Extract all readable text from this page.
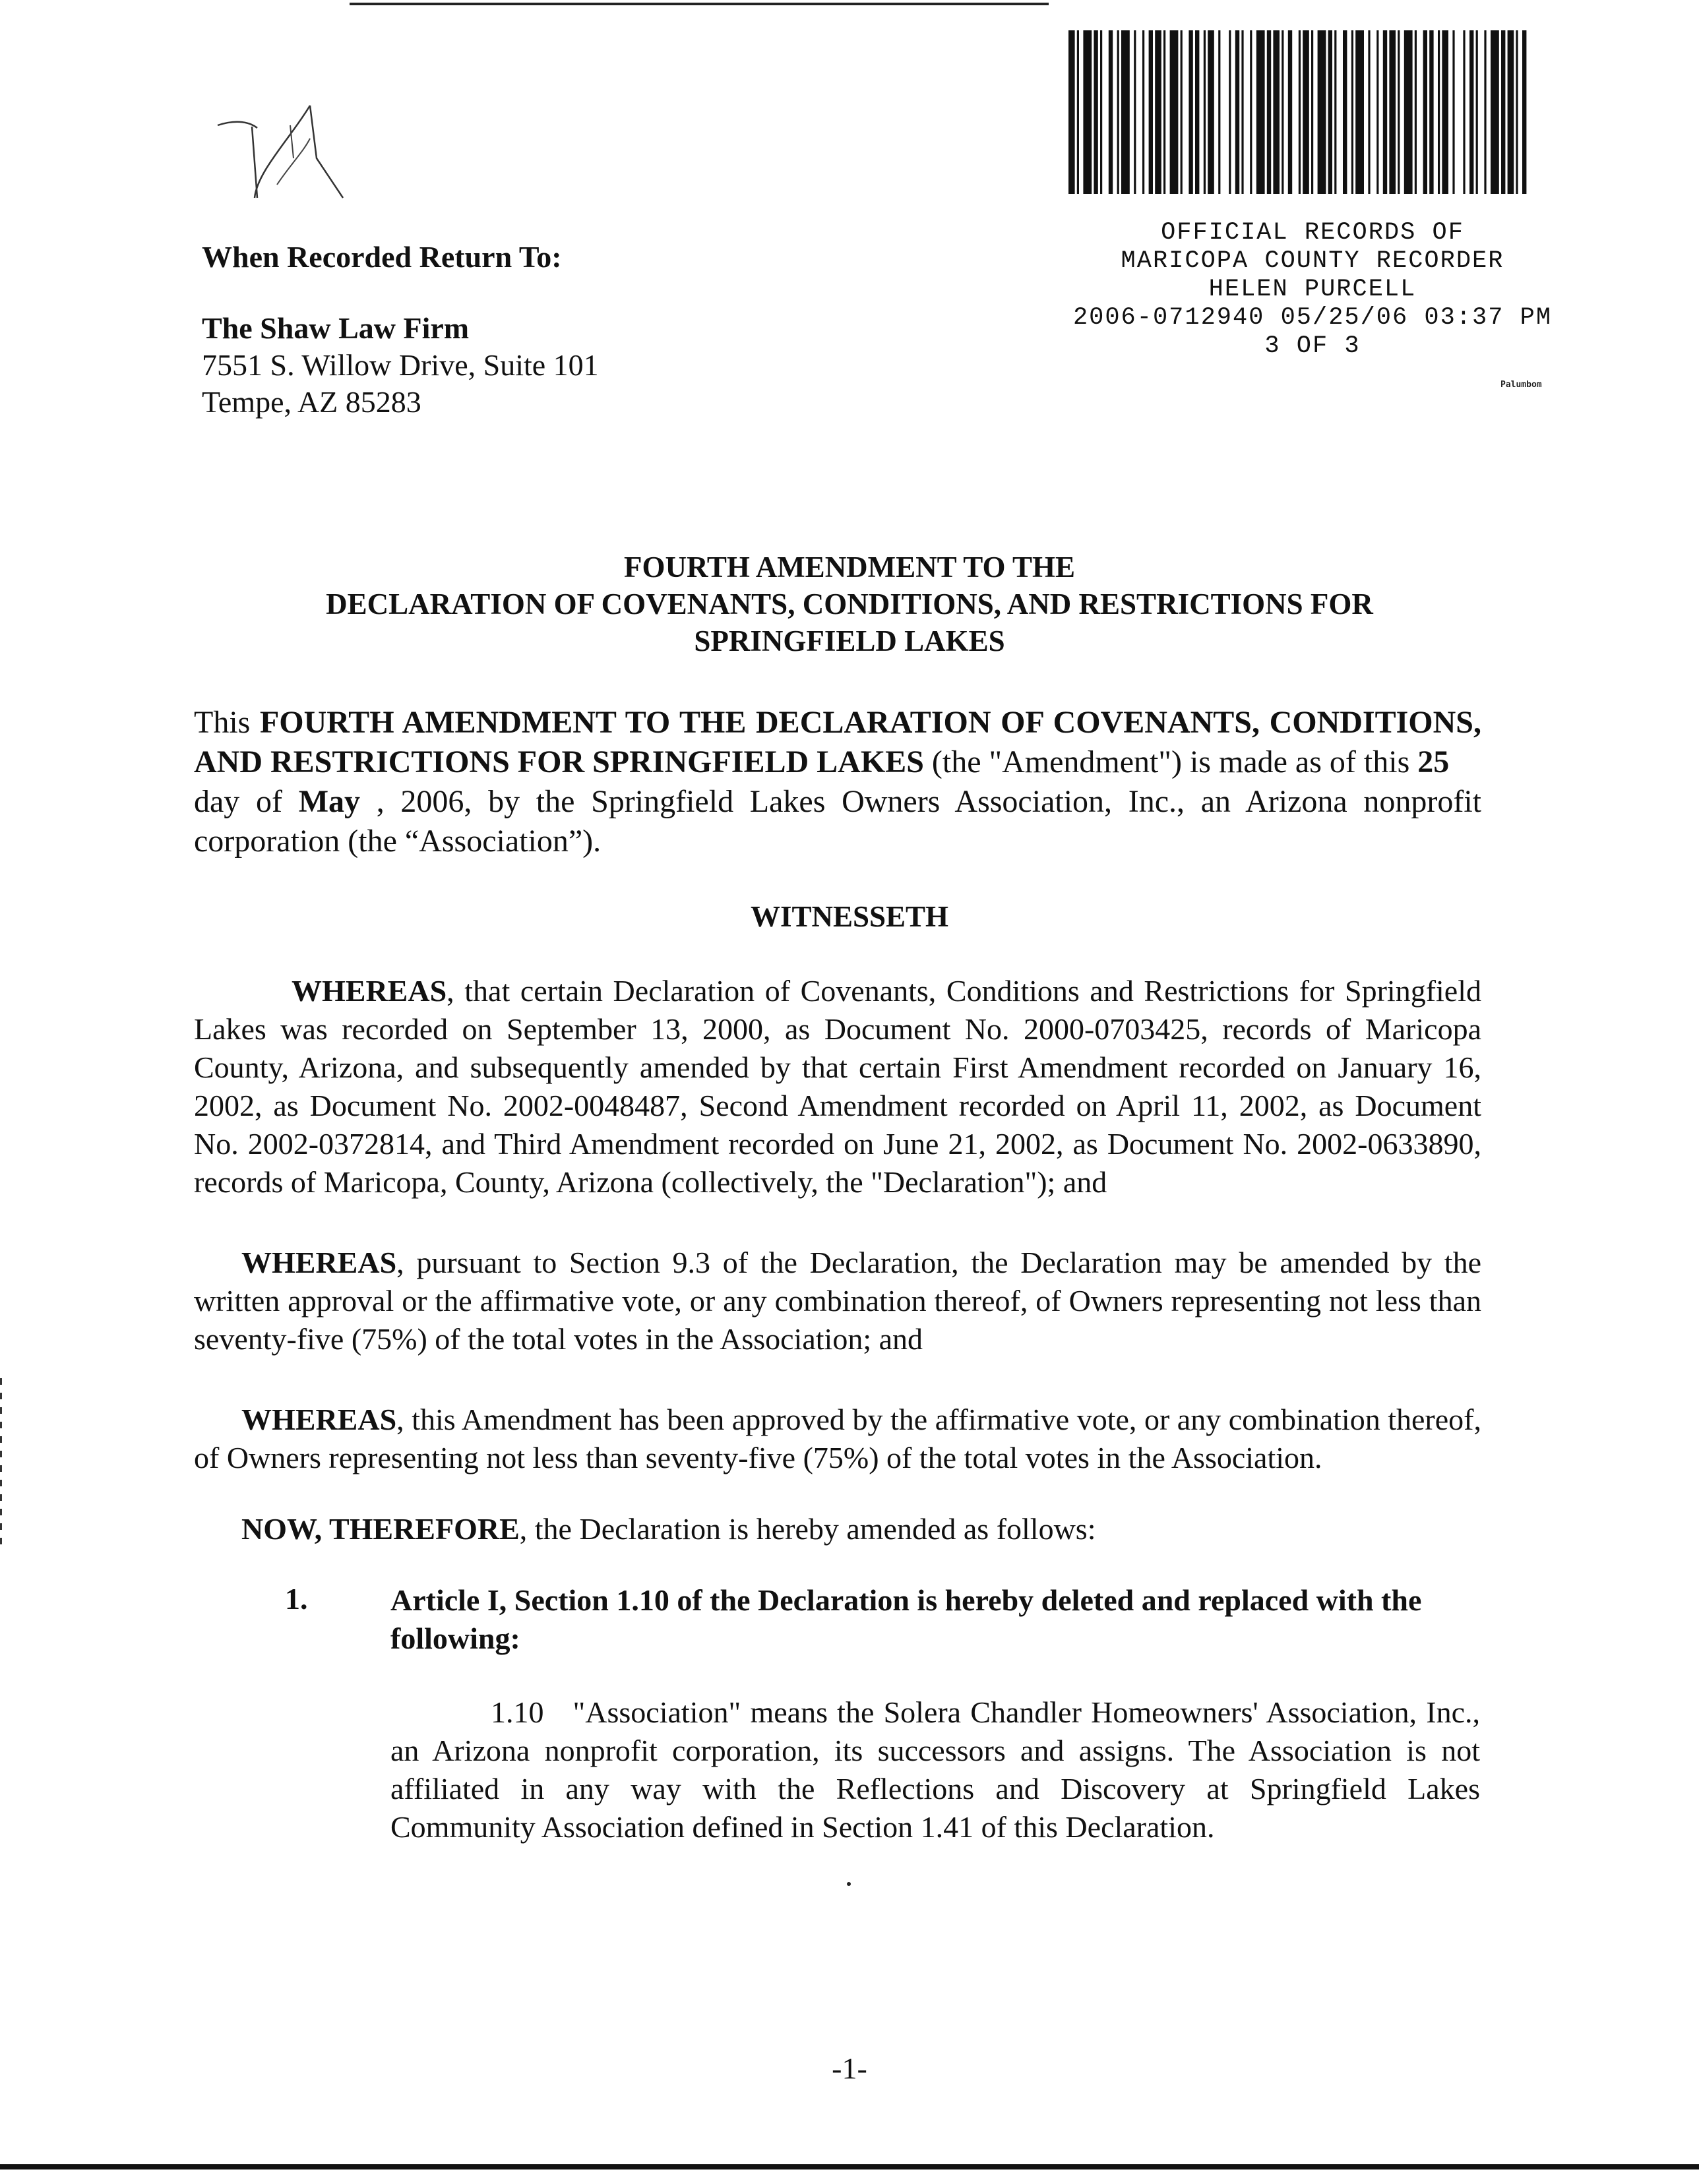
OFFICIAL RECORDS OF
MARICOPA COUNTY RECORDER
HELEN PURCELL
2006-0712940 05/25/06 03:37 PM
3 OF 3
Palumbom
When Recorded Return To:
The Shaw Law Firm
7551 S. Willow Drive, Suite 101
Tempe, AZ 85283
FOURTH AMENDMENT TO THE
DECLARATION OF COVENANTS, CONDITIONS, AND RESTRICTIONS FOR
SPRINGFIELD LAKES
This FOURTH AMENDMENT TO THE DECLARATION OF COVENANTS, CONDITIONS, AND RESTRICTIONS FOR SPRINGFIELD LAKES (the "Amendment") is made as of this 25
day of May , 2006, by the Springfield Lakes Owners Association, Inc., an Arizona nonprofit corporation (the “Association”).
WITNESSETH
WHEREAS, that certain Declaration of Covenants, Conditions and Restrictions for Springfield Lakes was recorded on September 13, 2000, as Document No. 2000-0703425, records of Maricopa County, Arizona, and subsequently amended by that certain First Amendment recorded on January 16, 2002, as Document No. 2002-0048487, Second Amendment recorded on April 11, 2002, as Document No. 2002-0372814, and Third Amendment recorded on June 21, 2002, as Document No. 2002-0633890, records of Maricopa, County, Arizona (collectively, the "Declaration"); and
WHEREAS, pursuant to Section 9.3 of the Declaration, the Declaration may be amended by the written approval or the affirmative vote, or any combination thereof, of Owners representing not less than seventy-five (75%) of the total votes in the Association; and
WHEREAS, this Amendment has been approved by the affirmative vote, or any combination thereof, of Owners representing not less than seventy-five (75%) of the total votes in the Association.
NOW, THEREFORE, the Declaration is hereby amended as follows:
1.	Article I, Section 1.10 of the Declaration is hereby deleted and replaced with the following:
1.10 "Association" means the Solera Chandler Homeowners' Association, Inc., an Arizona nonprofit corporation, its successors and assigns. The Association is not affiliated in any way with the Reflections and Discovery at Springfield Lakes Community Association defined in Section 1.41 of this Declaration.
-1-
